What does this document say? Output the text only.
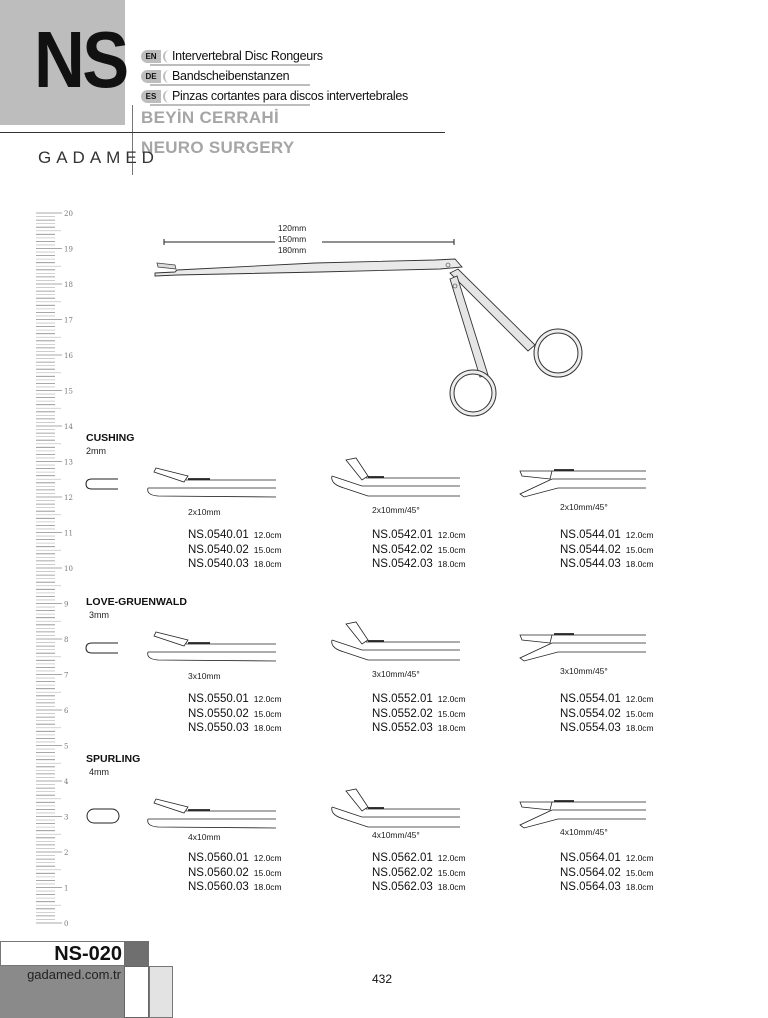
NS	EN	Intervertebral Disc Rongeurs
DE	Bandscheibenstanzen
ES	Pinzas cortantes para discos intervertebrales
BEYİN CERRAHİ
NEURO SURGERY
GADAMED
20
19
18
17
16
15
14
13
12
11
10
9
8
7
6
5
4
3
2
1
0
120mm
150mm
180mm
CUSHING
2mm
2x10mm
NS.0540.01 12.0cm
NS.0540.02 15.0cm
NS.0540.03 18.0cm
2x10mm/45°
NS.0542.01 12.0cm
NS.0542.02 15.0cm
NS.0542.03 18.0cm
2x10mm/45°
NS.0544.01 12.0cm
NS.0544.02 15.0cm
NS.0544.03 18.0cm
LOVE-GRUENWALD
3mm
3x10mm
NS.0550.01 12.0cm
NS.0550.02 15.0cm
NS.0550.03 18.0cm
3x10mm/45°
NS.0552.01 12.0cm
NS.0552.02 15.0cm
NS.0552.03 18.0cm
3x10mm/45°
NS.0554.01 12.0cm
NS.0554.02 15.0cm
NS.0554.03 18.0cm
SPURLING
4mm
4x10mm
NS.0560.01 12.0cm
NS.0560.02 15.0cm
NS.0560.03 18.0cm
4x10mm/45°
NS.0562.01 12.0cm
NS.0562.02 15.0cm
NS.0562.03 18.0cm
4x10mm/45°
NS.0564.01 12.0cm
NS.0564.02 15.0cm
NS.0564.03 18.0cm
NS-020
gadamed.com.tr	432
